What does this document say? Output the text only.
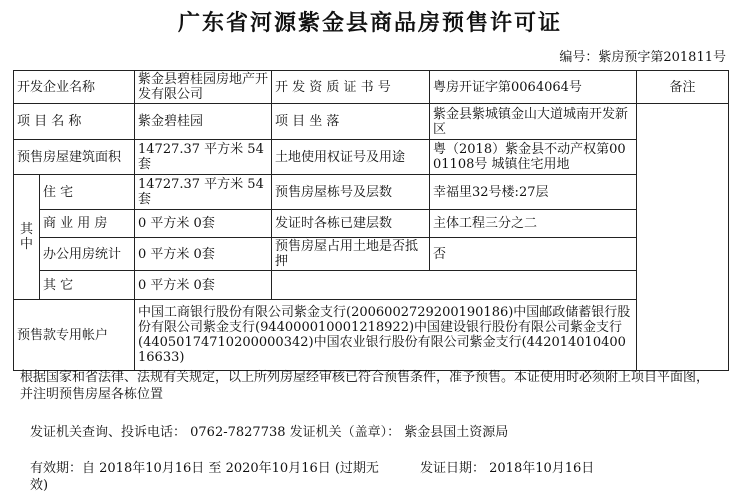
广东省河源紫金县商品房预售许可证
编号：紫房预字第201811号
开发企业名称		紫金县碧桂园房地产开发有限公司	开 发 资 质 证 书 号	粤房开证字第0064064号	备注
项 目 名 称		紫金碧桂园	项 目 坐 落	紫金县紫城镇金山大道城南开发新区	
预售房屋建筑面积		14727.37 平方米 54套	土地使用权证号及用途	粤（2018）紫金县不动产权第0001108号 城镇住宅用地	
其
中	住 宅	14727.37 平方米 54套	预售房屋栋号及层数	幸福里32号楼:27层	
	商 业 用 房	0 平方米 0套	发证时各栋已建层数	主体工程三分之二	
	办公用房统计	0 平方米 0套	预售房屋占用土地是否抵押	否	
	其 它	0 平方米 0套			
预售款专用帐户		中国工商银行股份有限公司紫金支行(2006002729200190186)中国邮政储蓄银行股份有限公司紫金支行(944000010001218922)中国建设银行股份有限公司紫金支行(44050174710200000342)中国农业银行股份有限公司紫金支行(44201401040016633)			
根据国家和省法律、法规有关规定，以上所列房屋经审核已符合预售条件，准予预售。本证使用时必须附上项目平面图，并注明预售房屋各栋位置
发证机关查询、投诉电话： 0762-7827738 发证机关（盖章）： 紫金县国土资源局
有效期：自 2018年10月16日 至 2020年10月16日 (过期无效)
发证日期： 2018年10月16日
